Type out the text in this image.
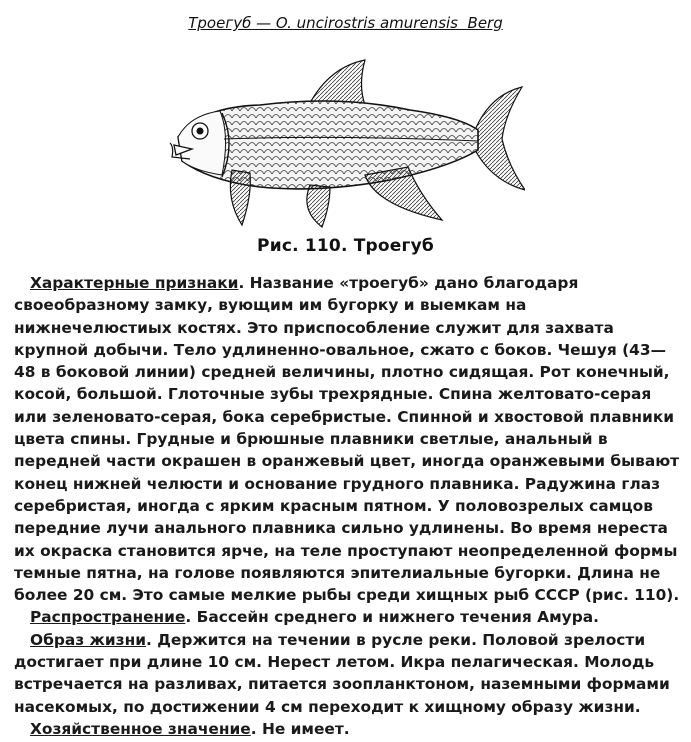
Троегуб — O. uncirostris amurensis  Berg
Рис. 110. Троегуб

Характерные признаки. Название «троегуб» дано благодаря своеобразному замку, вующим им бугорку и выемкам на нижнечелюстиых костях. Это приспособление служит для захвата крупной добычи. Тело удлиненно-овальное, сжато с боков. Чешуя (43—48 в боковой линии) средней величины, плотно сидящая. Рот конечный, косой, большой. Глоточные зубы трехрядные. Спина желтовато-серая или зеленовато-серая, бока серебристые. Спинной и хвостовой плавники цвета спины. Грудные и брюшные плавники светлые, анальный в передней части окрашен в оранжевый цвет, иногда оранжевыми бывают конец нижней челюсти и основание грудного плавника. Радужина глаз серебристая, иногда с ярким красным пятном. У половозрелых самцов передние лучи анального плавника сильно удлинены. Во время нереста их окраска становится ярче, на теле проступают неопределенной формы темные пятна, на голове появляются эпителиальные бугорки. Длина не более 20 см. Это самые мелкие рыбы среди хищных рыб СССР (рис. 110).

Распространение. Бассейн среднего и нижнего течения Амура.

Образ жизни. Держится на течении в русле реки. Половой зрелости достигает при длине 10 см. Нерест летом. Икра пелагическая. Молодь встречается на разливах, питается зоопланктоном, наземными формами насекомых, по достижении 4 см переходит к хищному образу жизни.

Хозяйственное значение. Не имеет.
